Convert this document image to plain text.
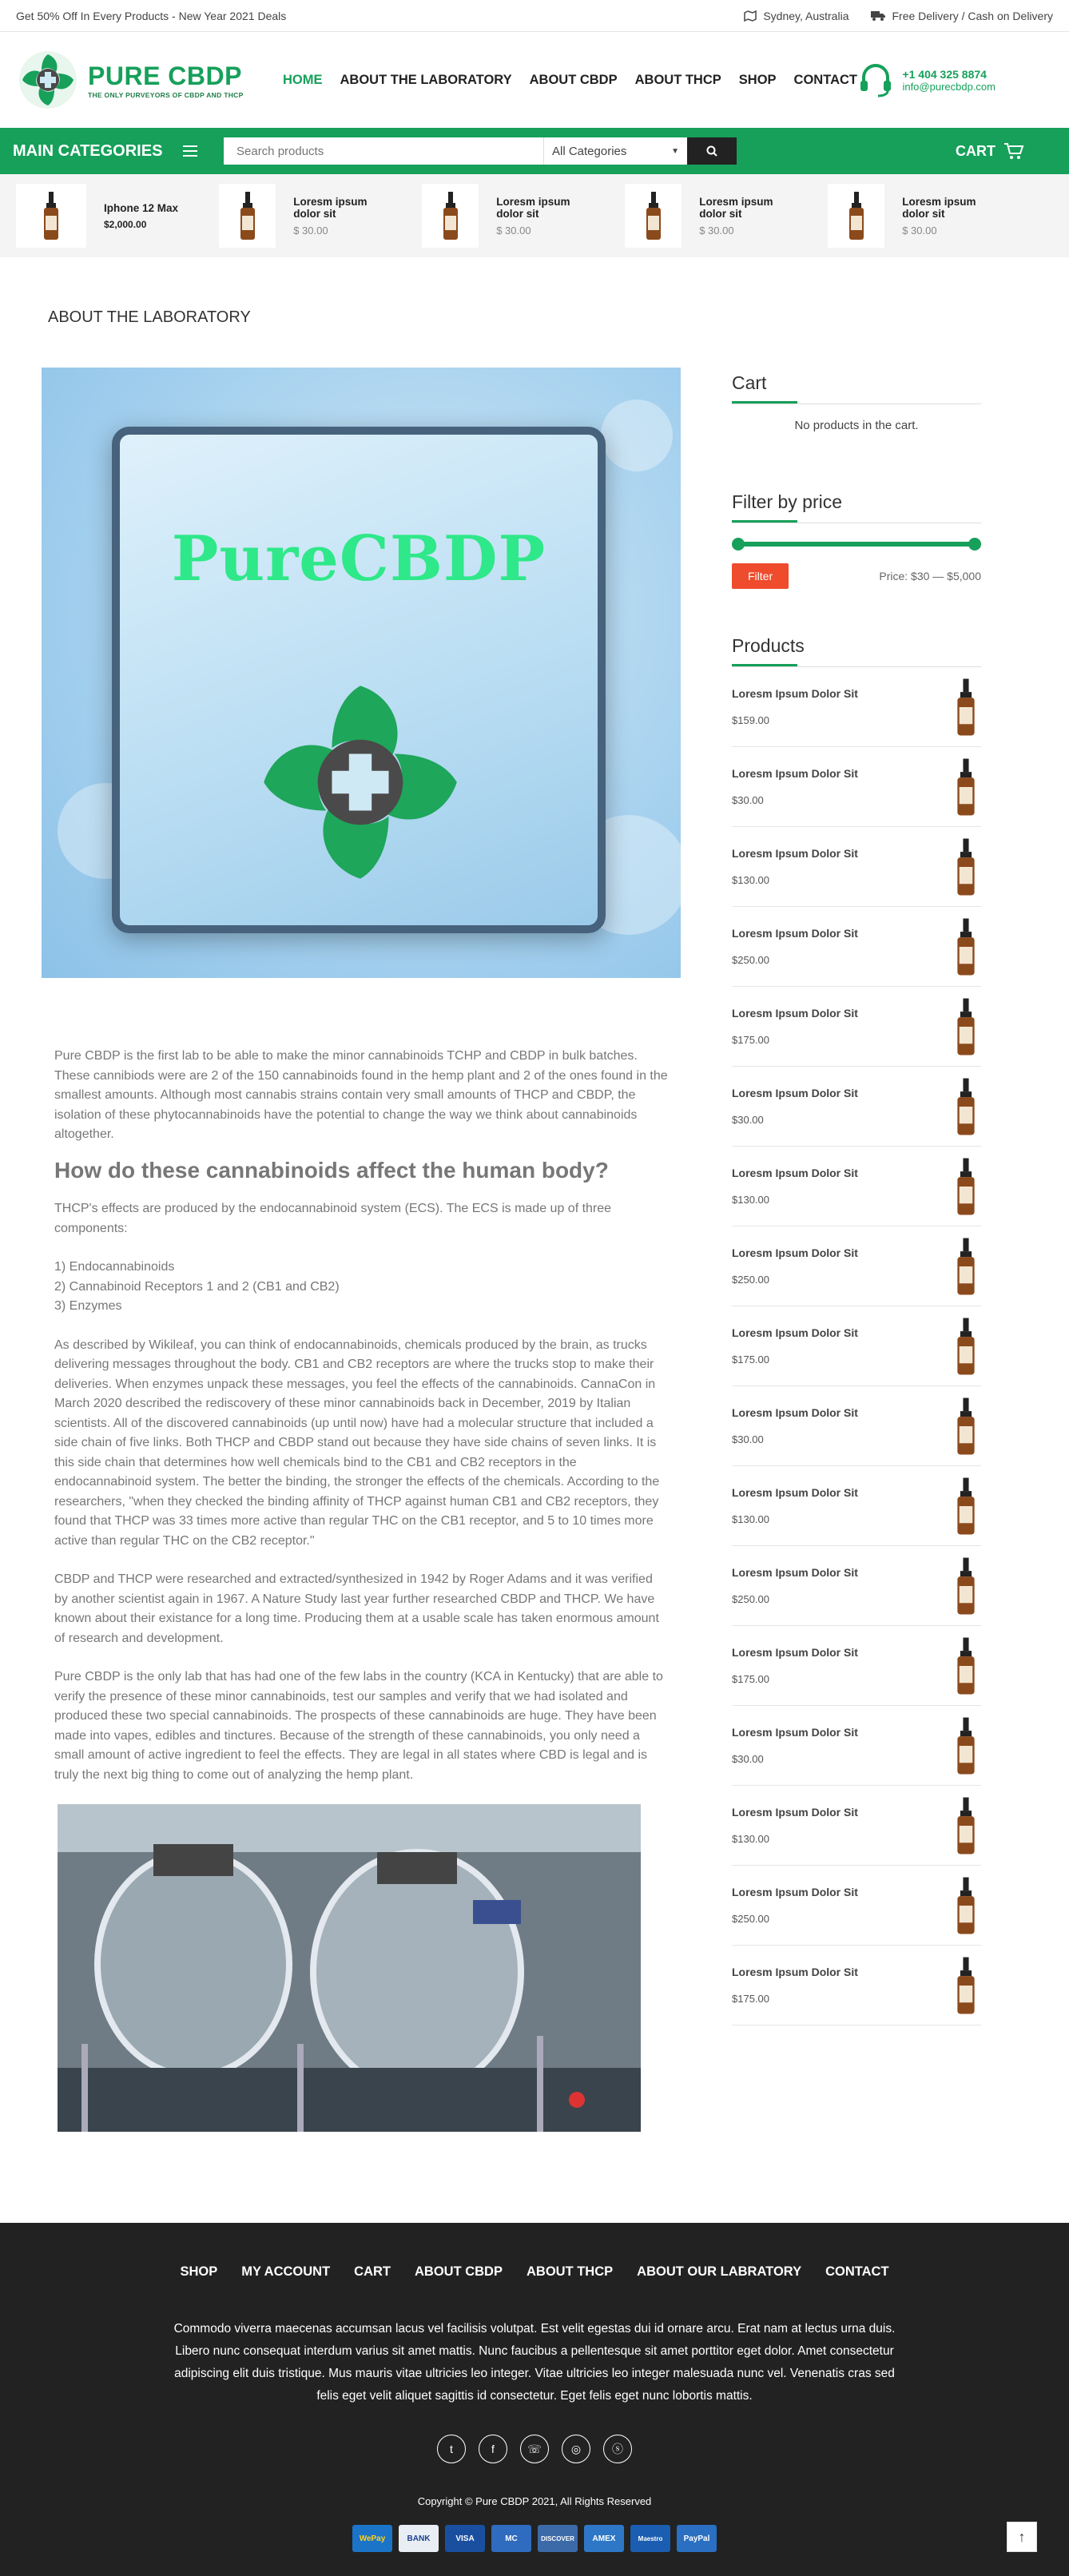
Get 50% Off In Every Products - New Year 2021 Deals	Sydney, Australia	Free Delivery / Cash on Delivery
PURE CBDP
THE ONLY PURVEYORS OF CBDP AND THCP
HOME ABOUT THE LABORATORY ABOUT CBDP ABOUT THCP SHOP CONTACT	+1 404 325 8874
info@purecbdp.com
MAIN CATEGORIES
Search products	All Categories	▼	CART
Iphone 12 Max
$2,000.00
Loresm ipsum dolor sit
$ 30.00
Loresm ipsum dolor sit
$ 30.00
Loresm ipsum dolor sit
$ 30.00
Loresm ipsum dolor sit
$ 30.00
ABOUT THE LABORATORY
PureCBDP

Pure CBDP is the first lab to be able to make the minor cannabinoids TCHP and CBDP in bulk batches. These cannibiods were are 2 of the 150 cannabinoids found in the hemp plant and 2 of the ones found in the smallest amounts. Although most cannabis strains contain very small amounts of THCP and CBDP, the isolation of these phytocannabinoids have the potential to change the way we think about cannabinoids altogether.

How do these cannabinoids affect the human body?

THCP's effects are produced by the endocannabinoid system (ECS). The ECS is made up of three components:

1) Endocannabinoids
2) Cannabinoid Receptors 1 and 2 (CB1 and CB2)
3) Enzymes

As described by Wikileaf, you can think of endocannabinoids, chemicals produced by the brain, as trucks delivering messages throughout the body. CB1 and CB2 receptors are where the trucks stop to make their deliveries. When enzymes unpack these messages, you feel the effects of the cannabinoids. CannaCon in March 2020 described the rediscovery of these minor cannabinoids back in December, 2019 by Italian scientists. All of the discovered cannabinoids (up until now) have had a molecular structure that included a side chain of five links. Both THCP and CBDP stand out because they have side chains of seven links. It is this side chain that determines how well chemicals bind to the CB1 and CB2 receptors in the endocannabinoid system. The better the binding, the stronger the effects of the chemicals. According to the researchers, "when they checked the binding affinity of THCP against human CB1 and CB2 receptors, they found that THCP was 33 times more active than regular THC on the CB1 receptor, and 5 to 10 times more active than regular THC on the CB2 receptor."

CBDP and THCP were researched and extracted/synthesized in 1942 by Roger Adams and it was verified by another scientist again in 1967. A Nature Study last year further researched CBDP and THCP. We have known about their existance for a long time. Producing them at a usable scale has taken enormous amount of research and development.

Pure CBDP is the only lab that has had one of the few labs in the country (KCA in Kentucky) that are able to verify the presence of these minor cannabinoids, test our samples and verify that we had isolated and produced these two special cannabinoids. The prospects of these cannabinoids are huge. They have been made into vapes, edibles and tinctures. Because of the strength of these cannabinoids, you only need a small amount of active ingredient to feel the effects. They are legal in all states where CBD is legal and is truly the next big thing to come out of analyzing the hemp plant.

Cart
No products in the cart.
Filter by price
Filter	Price: $30 — $5,000
Products
Loresm Ipsum Dolor Sit
$159.00
Loresm Ipsum Dolor Sit
$30.00
Loresm Ipsum Dolor Sit
$130.00
Loresm Ipsum Dolor Sit
$250.00
Loresm Ipsum Dolor Sit
$175.00
Loresm Ipsum Dolor Sit
$30.00
Loresm Ipsum Dolor Sit
$130.00
Loresm Ipsum Dolor Sit
$250.00
Loresm Ipsum Dolor Sit
$175.00
Loresm Ipsum Dolor Sit
$30.00
Loresm Ipsum Dolor Sit
$130.00
Loresm Ipsum Dolor Sit
$250.00
Loresm Ipsum Dolor Sit
$175.00
Loresm Ipsum Dolor Sit
$30.00
Loresm Ipsum Dolor Sit
$130.00
Loresm Ipsum Dolor Sit
$250.00
Loresm Ipsum Dolor Sit
$175.00
SHOP MY ACCOUNT CART ABOUT CBDP ABOUT THCP ABOUT OUR LABRATORY CONTACT

Commodo viverra maecenas accumsan lacus vel facilisis volutpat. Est velit egestas dui id ornare arcu. Erat nam at lectus urna duis. Libero nunc consequat interdum varius sit amet mattis. Nunc faucibus a pellentesque sit amet porttitor eget dolor. Amet consectetur adipiscing elit duis tristique. Mus mauris vitae ultricies leo integer. Vitae ultricies leo integer malesuada nunc vel. Venenatis cras sed felis eget velit aliquet sagittis id consectetur. Eget felis eget nunc lobortis mattis.

t	f	☏	◎	ⓢ
Copyright © Pure CBDP 2021, All Rights Reserved
WePay	BANK	VISA	MC	DISCOVER	AMEX	Maestro	PayPal	↑
